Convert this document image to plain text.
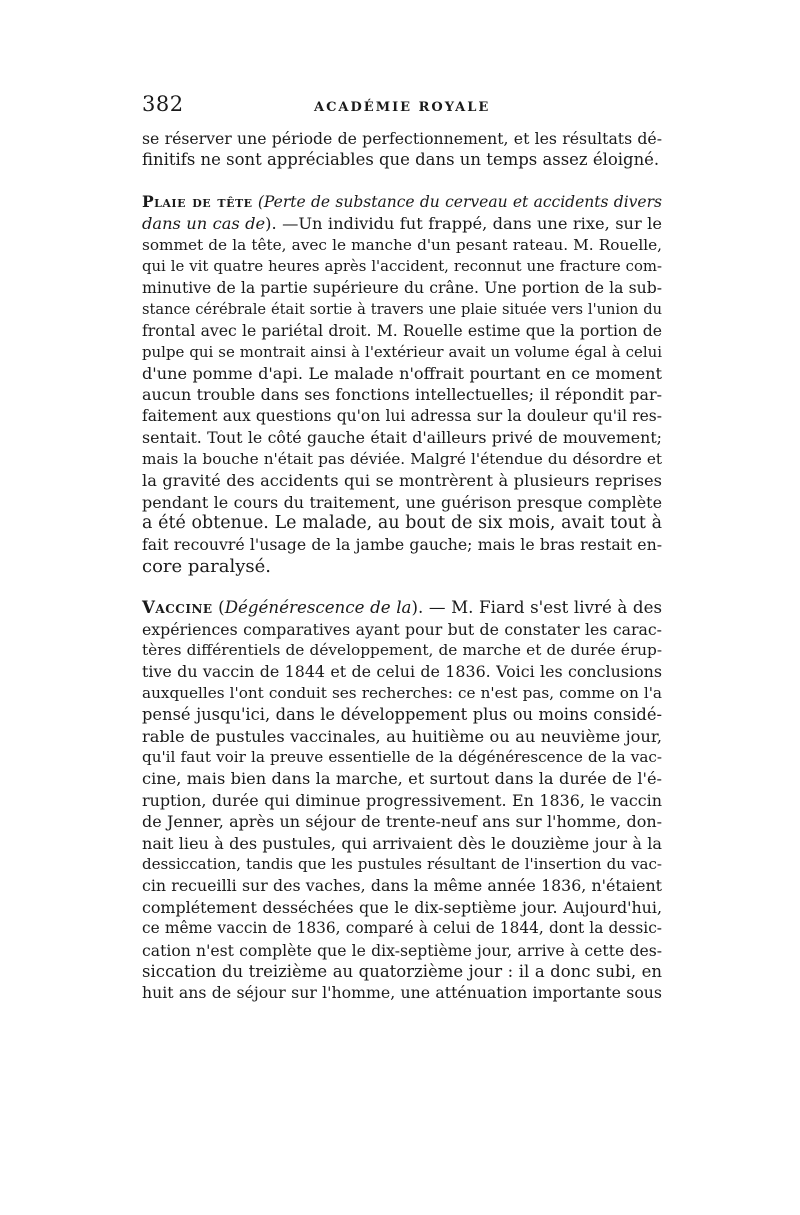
382	ACADÉMIE ROYALE
se réserver une période de perfectionnement, et les résultats dé-
finitifs ne sont appréciables que dans un temps assez éloigné.
Plaie de tête (Perte de substance du cerveau et accidents divers
dans un cas de). —Un individu fut frappé, dans une rixe, sur le
sommet de la tête, avec le manche d'un pesant rateau. M. Rouelle,
qui le vit quatre heures après l'accident, reconnut une fracture com-
minutive de la partie supérieure du crâne. Une portion de la sub-
stance cérébrale était sortie à travers une plaie située vers l'union du
frontal avec le pariétal droit. M. Rouelle estime que la portion de
pulpe qui se montrait ainsi à l'extérieur avait un volume égal à celui
d'une pomme d'api. Le malade n'offrait pourtant en ce moment
aucun trouble dans ses fonctions intellectuelles; il répondit par-
faitement aux questions qu'on lui adressa sur la douleur qu'il res-
sentait. Tout le côté gauche était d'ailleurs privé de mouvement;
mais la bouche n'était pas déviée. Malgré l'étendue du désordre et
la gravité des accidents qui se montrèrent à plusieurs reprises
pendant le cours du traitement, une guérison presque complète
a été obtenue. Le malade, au bout de six mois, avait tout à
fait recouvré l'usage de la jambe gauche; mais le bras restait en-
core paralysé.
Vaccine (Dégénérescence de la). — M. Fiard s'est livré à des
expériences comparatives ayant pour but de constater les carac-
tères différentiels de développement, de marche et de durée érup-
tive du vaccin de 1844 et de celui de 1836. Voici les conclusions
auxquelles l'ont conduit ses recherches: ce n'est pas, comme on l'a
pensé jusqu'ici, dans le développement plus ou moins considé-
rable de pustules vaccinales, au huitième ou au neuvième jour,
qu'il faut voir la preuve essentielle de la dégénérescence de la vac-
cine, mais bien dans la marche, et surtout dans la durée de l'é-
ruption, durée qui diminue progressivement. En 1836, le vaccin
de Jenner, après un séjour de trente-neuf ans sur l'homme, don-
nait lieu à des pustules, qui arrivaient dès le douzième jour à la
dessiccation, tandis que les pustules résultant de l'insertion du vac-
cin recueilli sur des vaches, dans la même année 1836, n'étaient
complétement desséchées que le dix-septième jour. Aujourd'hui,
ce même vaccin de 1836, comparé à celui de 1844, dont la dessic-
cation n'est complète que le dix-septième jour, arrive à cette des-
siccation du treizième au quatorzième jour : il a donc subi, en
huit ans de séjour sur l'homme, une atténuation importante sous
